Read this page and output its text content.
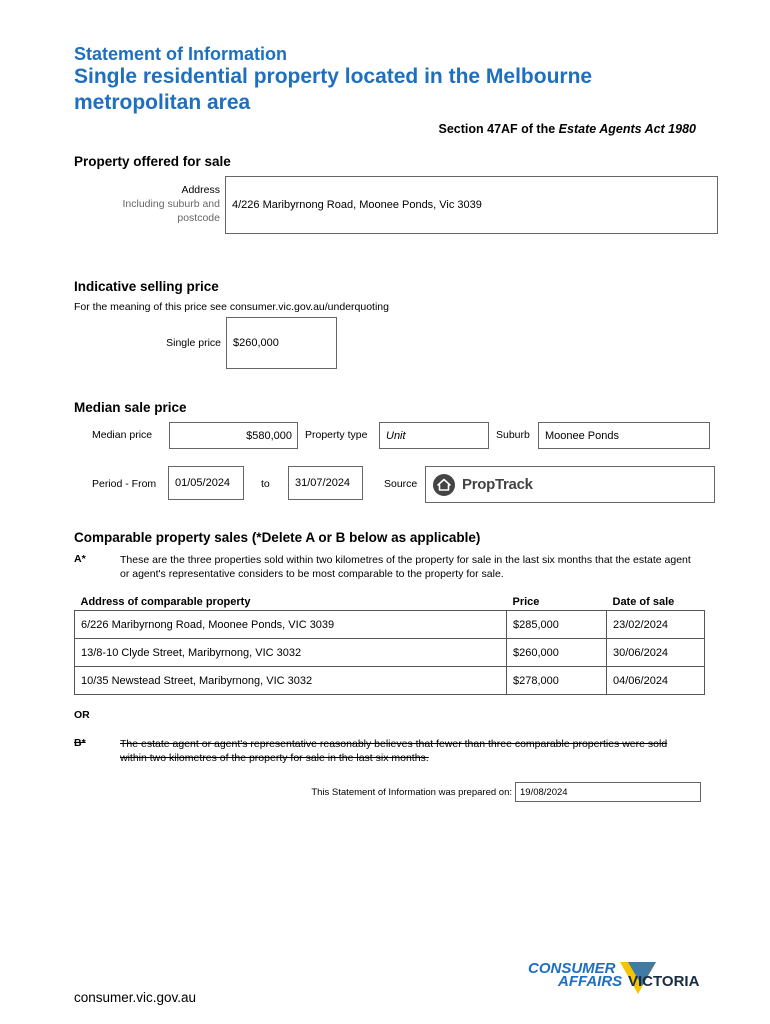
Statement of Information
Single residential property located in the Melbourne metropolitan area
Section 47AF of the Estate Agents Act 1980
Property offered for sale
Address
Including suburb and
postcode
4/226 Maribyrnong Road, Moonee Ponds, Vic 3039
Indicative selling price
For the meaning of this price see consumer.vic.gov.au/underquoting
Single price $260,000
Median sale price
Median price	$580,000 Property type Unit	Suburb Moonee Ponds
Period - From 01/05/2024	to 31/07/2024	Source	PropTrack
Comparable property sales (*Delete A or B below as applicable)
A*	These are the three properties sold within two kilometres of the property for sale in the last six months that the estate agent or agent's representative considers to be most comparable to the property for sale.
Address of comparable property	Price	Date of sale
6/226 Maribyrnong Road, Moonee Ponds, VIC 3039	$285,000	23/02/2024
13/8-10 Clyde Street, Maribyrnong, VIC 3032	$260,000	30/06/2024
10/35 Newstead Street, Maribyrnong, VIC 3032	$278,000	04/06/2024
OR
B*	The estate agent or agent's representative reasonably believes that fewer than three comparable properties were sold within two kilometres of the property for sale in the last six months.
This Statement of Information was prepared on: 19/08/2024
CONSUMER
AFFAIRS VICTORIA
consumer.vic.gov.au
